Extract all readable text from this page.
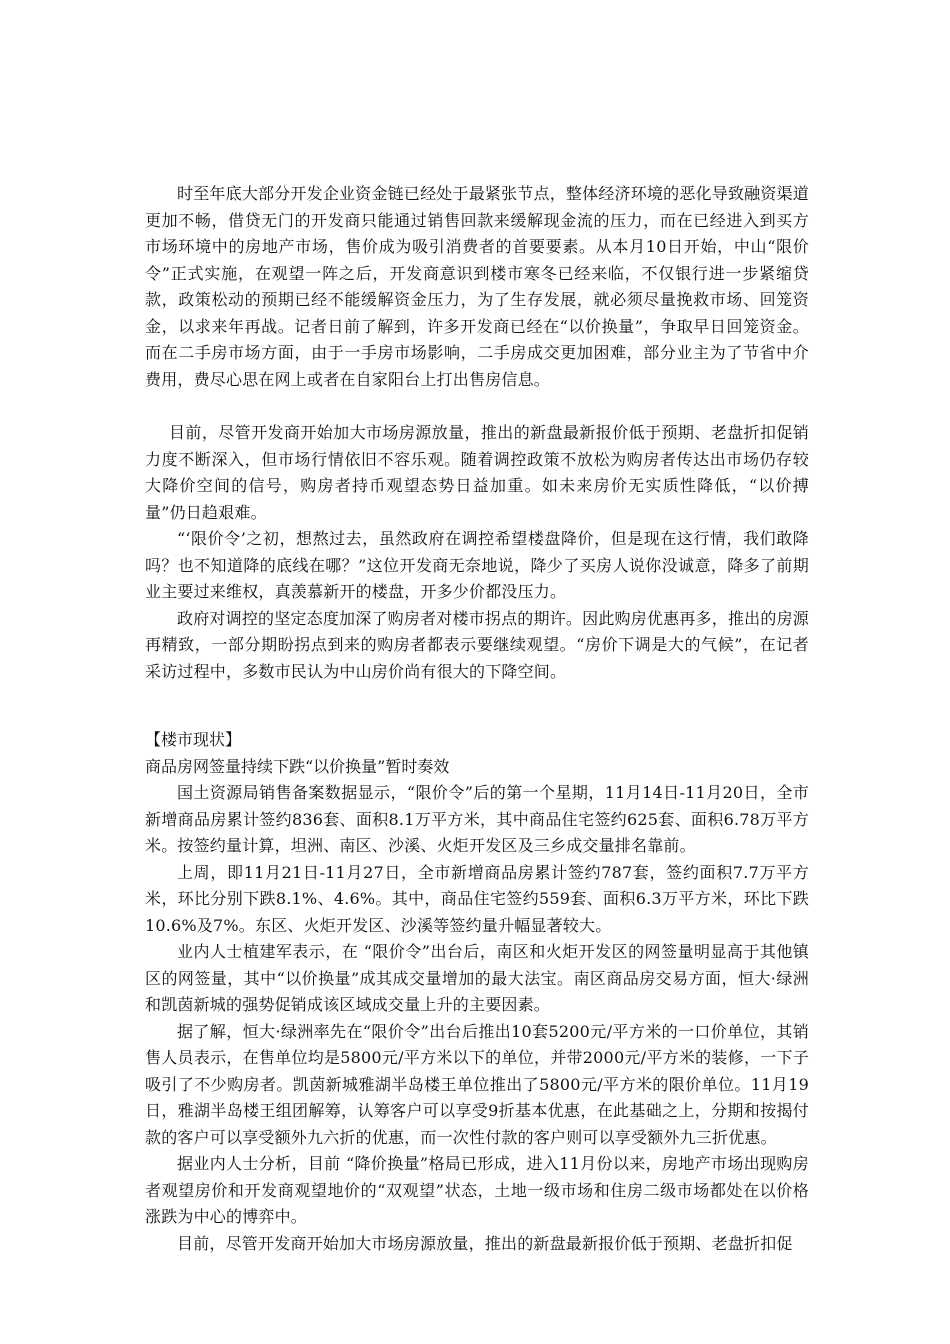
时至年底大部分开发企业资金链已经处于最紧张节点，整体经济环境的恶化导致融资渠道更加不畅，借贷无门的开发商只能通过销售回款来缓解现金流的压力，而在已经进入到买方市场环境中的房地产市场，售价成为吸引消费者的首要要素。从本月10日开始，中山“限价令”正式实施，在观望一阵之后，开发商意识到楼市寒冬已经来临，不仅银行进一步紧缩贷款，政策松动的预期已经不能缓解资金压力，为了生存发展，就必须尽量挽救市场、回笼资金，以求来年再战。记者日前了解到，许多开发商已经在“以价换量”，争取早日回笼资金。而在二手房市场方面，由于一手房市场影响，二手房成交更加困难，部分业主为了节省中介费用，费尽心思在网上或者在自家阳台上打出售房信息。

目前，尽管开发商开始加大市场房源放量，推出的新盘最新报价低于预期、老盘折扣促销力度不断深入，但市场行情依旧不容乐观。随着调控政策不放松为购房者传达出市场仍存较大降价空间的信号，购房者持币观望态势日益加重。如未来房价无实质性降低，“以价搏量”仍日趋艰难。

“‘限价令’之初，想熬过去，虽然政府在调控希望楼盘降价，但是现在这行情，我们敢降吗？也不知道降的底线在哪？”这位开发商无奈地说，降少了买房人说你没诚意，降多了前期业主要过来维权，真羡慕新开的楼盘，开多少价都没压力。

政府对调控的坚定态度加深了购房者对楼市拐点的期许。因此购房优惠再多，推出的房源再精致，一部分期盼拐点到来的购房者都表示要继续观望。“房价下调是大的气候”，在记者采访过程中，多数市民认为中山房价尚有很大的下降空间。

【楼市现状】

商品房网签量持续下跌“以价换量”暂时奏效

国土资源局销售备案数据显示，“限价令”后的第一个星期，11月14日-11月20日，全市新增商品房累计签约836套、面积8.1万平方米，其中商品住宅签约625套、面积6.78万平方米。按签约量计算，坦洲、南区、沙溪、火炬开发区及三乡成交量排名靠前。

上周，即11月21日-11月27日，全市新增商品房累计签约787套，签约面积7.7万平方米，环比分别下跌8.1%、4.6%。其中，商品住宅签约559套、面积6.3万平方米，环比下跌10.6%及7%。东区、火炬开发区、沙溪等签约量升幅显著较大。

业内人士植建军表示，在 “限价令”出台后，南区和火炬开发区的网签量明显高于其他镇区的网签量，其中“以价换量”成其成交量增加的最大法宝。南区商品房交易方面，恒大·绿洲和凯茵新城的强势促销成该区域成交量上升的主要因素。

据了解，恒大·绿洲率先在“限价令”出台后推出10套5200元/平方米的一口价单位，其销售人员表示，在售单位均是5800元/平方米以下的单位，并带2000元/平方米的装修，一下子吸引了不少购房者。凯茵新城雅湖半岛楼王单位推出了5800元/平方米的限价单位。11月19日，雅湖半岛楼王组团解筹，认筹客户可以享受9折基本优惠，在此基础之上，分期和按揭付款的客户可以享受额外九六折的优惠，而一次性付款的客户则可以享受额外九三折优惠。

据业内人士分析，目前 “降价换量”格局已形成，进入11月份以来，房地产市场出现购房者观望房价和开发商观望地价的“双观望”状态，土地一级市场和住房二级市场都处在以价格涨跌为中心的博弈中。

目前，尽管开发商开始加大市场房源放量，推出的新盘最新报价低于预期、老盘折扣促
